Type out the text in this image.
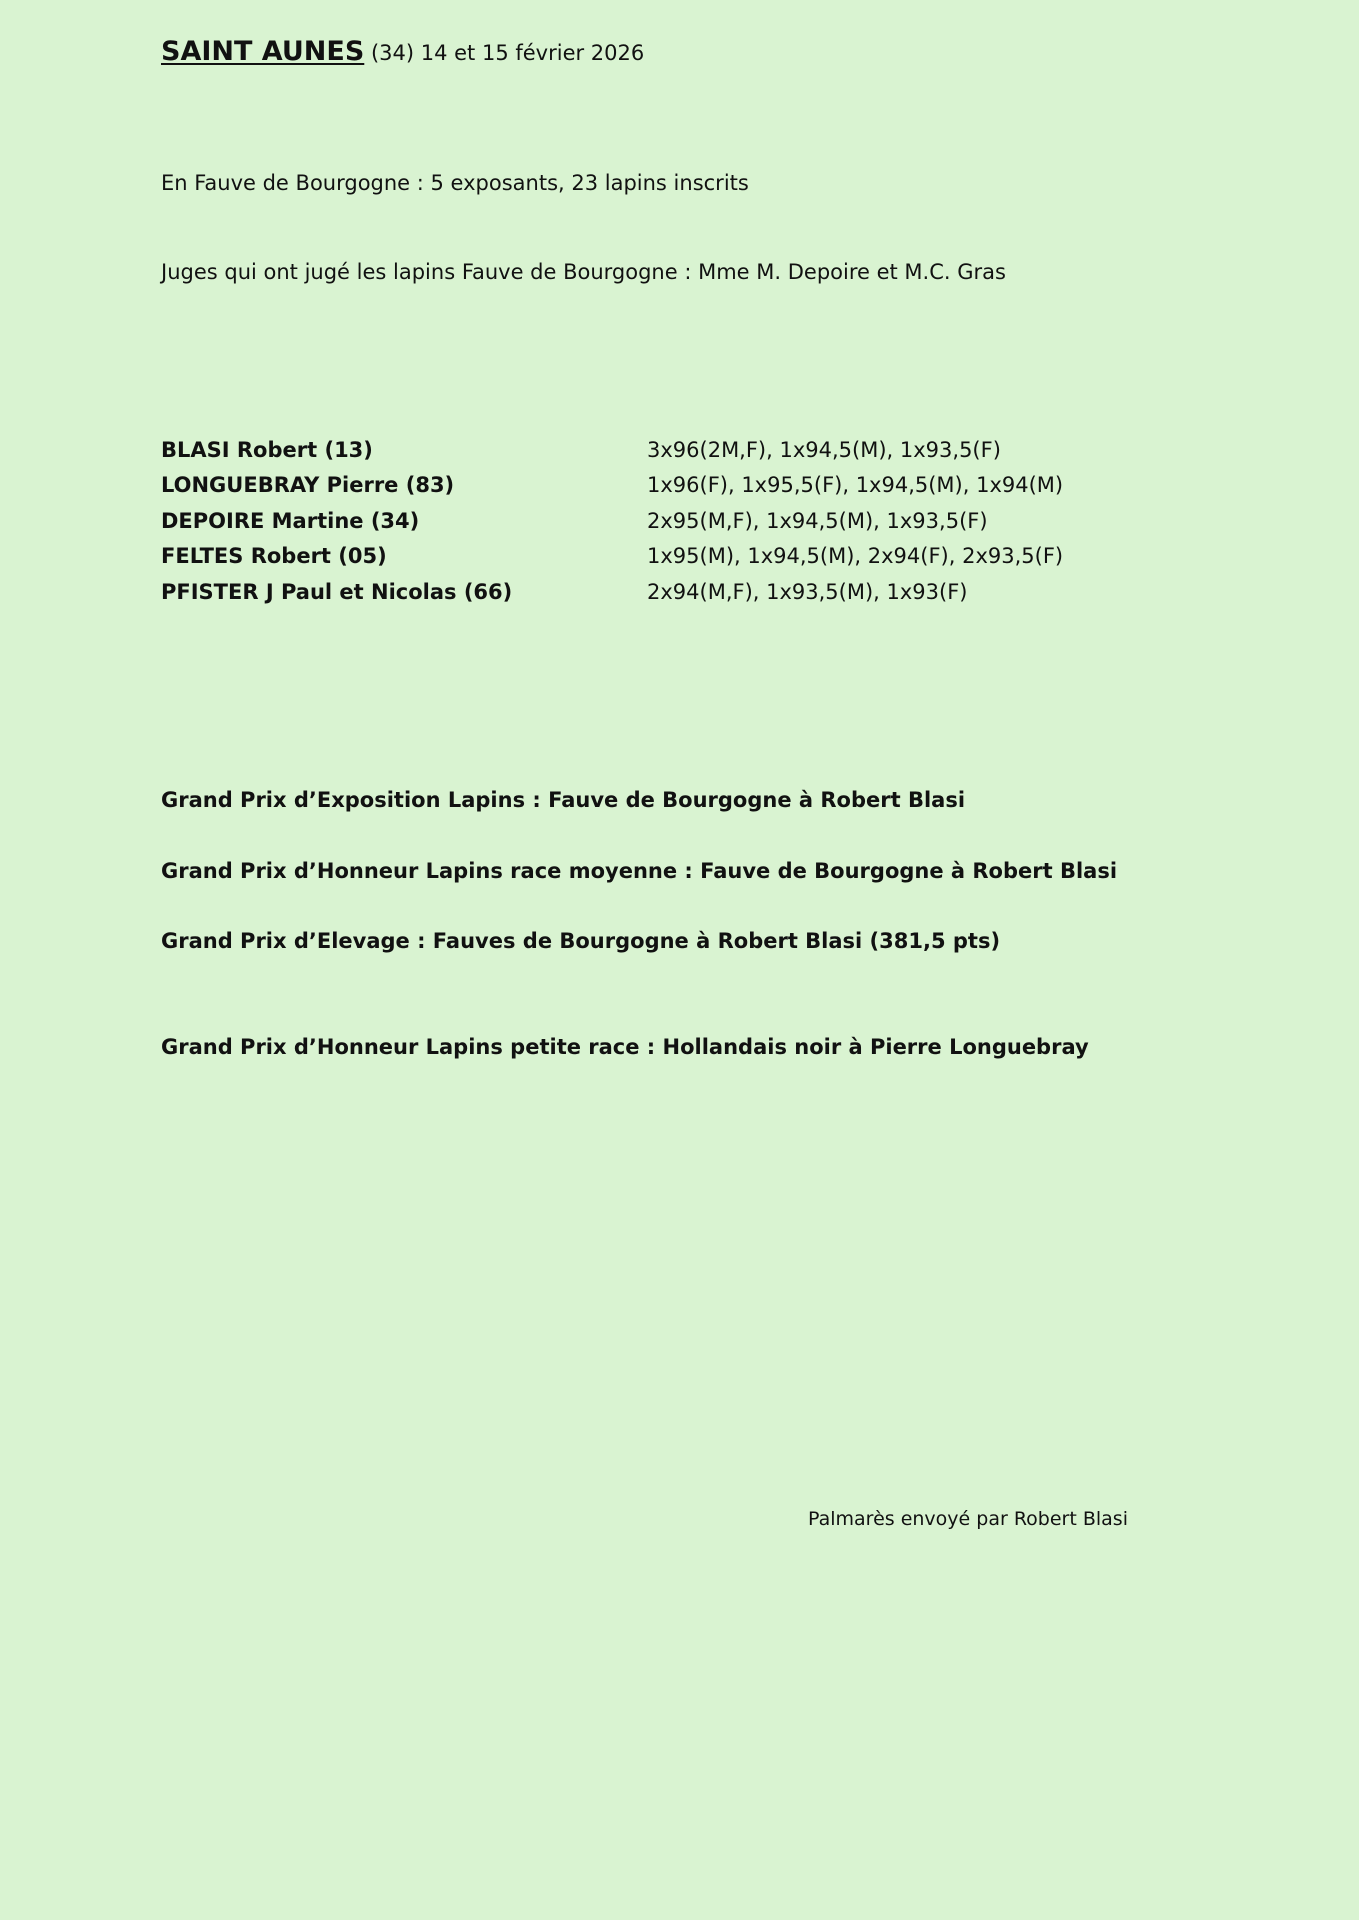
SAINT AUNES (34) 14 et 15 février 2026
En Fauve de Bourgogne : 5 exposants, 23 lapins inscrits
Juges qui ont jugé les lapins Fauve de Bourgogne : Mme M. Depoire et M.C. Gras
BLASI Robert (13)	3x96(2M,F), 1x94,5(M), 1x93,5(F)
LONGUEBRAY Pierre (83)	1x96(F), 1x95,5(F), 1x94,5(M), 1x94(M)
DEPOIRE Martine (34)	2x95(M,F), 1x94,5(M), 1x93,5(F)
FELTES Robert (05)	1x95(M), 1x94,5(M), 2x94(F), 2x93,5(F)
PFISTER J Paul et Nicolas (66)	2x94(M,F), 1x93,5(M), 1x93(F)
Grand Prix d’Exposition Lapins : Fauve de Bourgogne à Robert Blasi
Grand Prix d’Honneur Lapins race moyenne : Fauve de Bourgogne à Robert Blasi
Grand Prix d’Elevage : Fauves de Bourgogne à Robert Blasi (381,5 pts)
Grand Prix d’Honneur Lapins petite race : Hollandais noir à Pierre Longuebray
Palmarès envoyé par Robert Blasi
